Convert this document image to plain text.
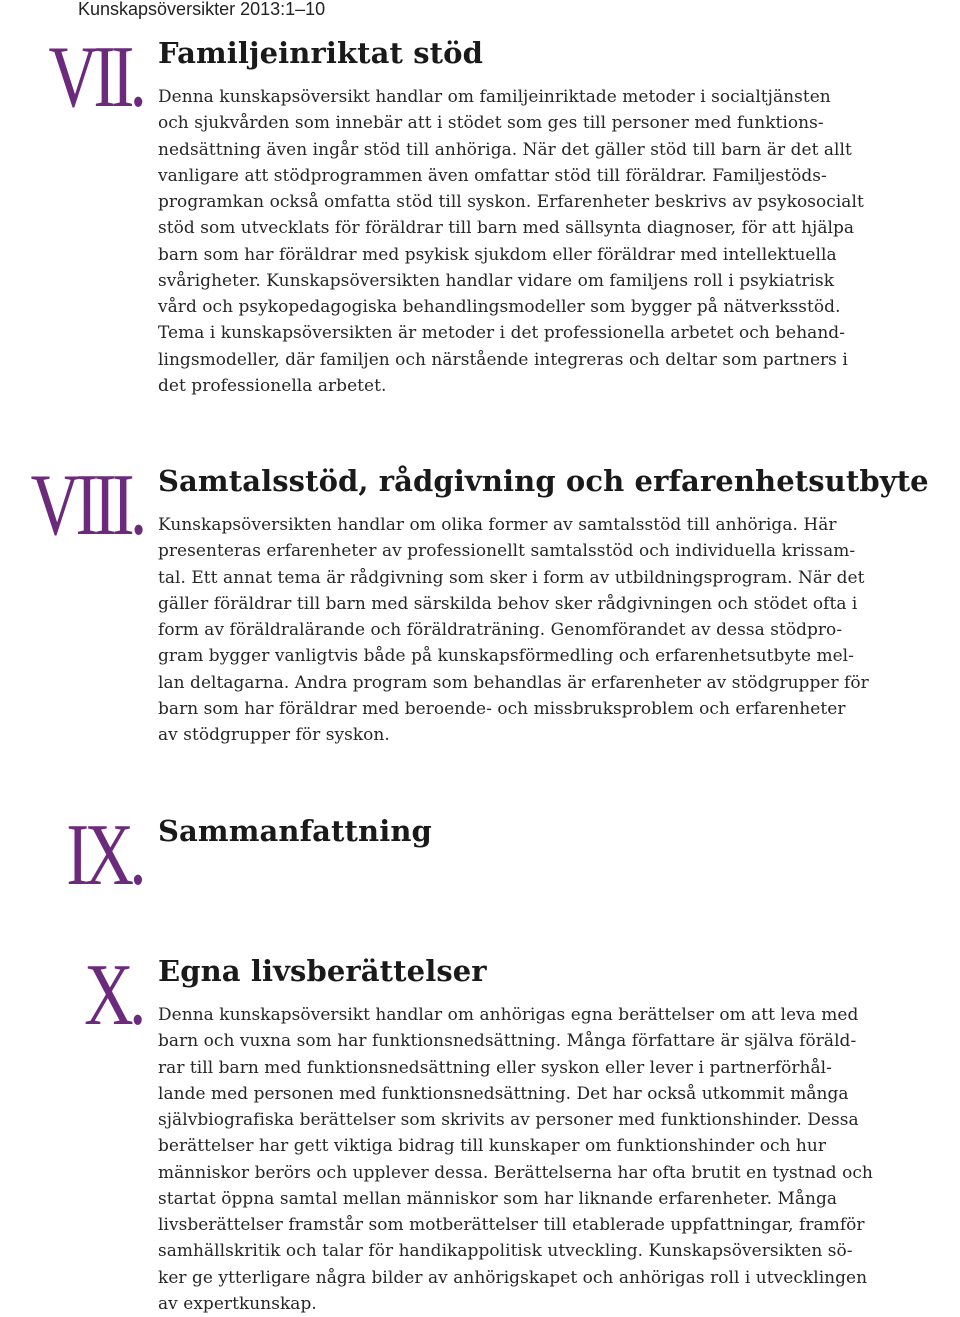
Kunskapsöversikter 2013:1–10
VII. Familjeinriktat stöd
Denna kunskapsöversikt handlar om familjeinriktade metoder i socialtjänsten
och sjukvården som innebär att i stödet som ges till personer med funktions-
nedsättning även ingår stöd till anhöriga. När det gäller stöd till barn är det allt
vanligare att stödprogrammen även omfattar stöd till föräldrar. Familjestöds-
programkan också omfatta stöd till syskon. Erfarenheter beskrivs av psykosocialt
stöd som utvecklats för föräldrar till barn med sällsynta diagnoser, för att hjälpa
barn som har föräldrar med psykisk sjukdom eller föräldrar med intellektuella
svårigheter. Kunskapsöversikten handlar vidare om familjens roll i psykiatrisk
vård och psykopedagogiska behandlingsmodeller som bygger på nätverksstöd.
Tema i kunskapsöversikten är metoder i det professionella arbetet och behand-
lingsmodeller, där familjen och närstående integreras och deltar som partners i
det professionella arbetet.
VIII. Samtalsstöd, rådgivning och erfarenhetsutbyte
Kunskapsöversikten handlar om olika former av samtalsstöd till anhöriga. Här
presenteras erfarenheter av professionellt samtalsstöd och individuella krissam-
tal. Ett annat tema är rådgivning som sker i form av utbildningsprogram. När det
gäller föräldrar till barn med särskilda behov sker rådgivningen och stödet ofta i
form av föräldralärande och föräldraträning. Genomförandet av dessa stödpro-
gram bygger vanligtvis både på kunskapsförmedling och erfarenhetsutbyte mel-
lan deltagarna. Andra program som behandlas är erfarenheter av stödgrupper för
barn som har föräldrar med beroende- och missbruksproblem och erfarenheter
av stödgrupper för syskon.
IX. Sammanfattning
X. Egna livsberättelser
Denna kunskapsöversikt handlar om anhörigas egna berättelser om att leva med
barn och vuxna som har funktionsnedsättning. Många författare är själva föräld-
rar till barn med funktionsnedsättning eller syskon eller lever i partnerförhål-
lande med personen med funktionsnedsättning. Det har också utkommit många
självbiografiska berättelser som skrivits av personer med funktionshinder. Dessa
berättelser har gett viktiga bidrag till kunskaper om funktionshinder och hur
människor berörs och upplever dessa. Berättelserna har ofta brutit en tystnad och
startat öppna samtal mellan människor som har liknande erfarenheter. Många
livsberättelser framstår som motberättelser till etablerade uppfattningar, framför
samhällskritik och talar för handikappolitisk utveckling. Kunskapsöversikten sö-
ker ge ytterligare några bilder av anhörigskapet och anhörigas roll i utvecklingen
av expertkunskap.
